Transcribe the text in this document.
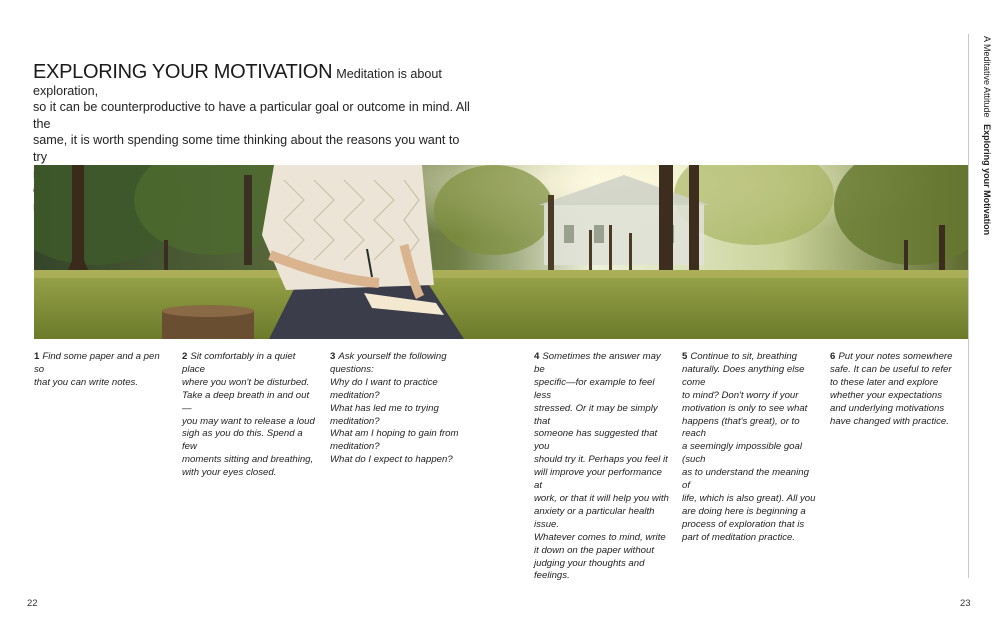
EXPLORING YOUR MOTIVATION Meditation is about exploration,
so it can be counterproductive to have a particular goal or outcome in mind. All the
same, it is worth spending some time thinking about the reasons you want to try

1 Find some paper and a pen so
that you can write notes.
2 Sit comfortably in a quiet place
where you won't be disturbed.
Take a deep breath in and out—
you may want to release a loud
sigh as you do this. Spend a few
moments sitting and breathing,
with your eyes closed.
3 Ask yourself the following
questions:
Why do I want to practice
meditation?
What has led me to trying
meditation?
What am I hoping to gain from
meditation?
What do I expect to happen?
4 Sometimes the answer may be
specific—for example to feel less
stressed. Or it may be simply that
someone has suggested that you
should try it. Perhaps you feel it
will improve your performance at
work, or that it will help you with
anxiety or a particular health issue.
Whatever comes to mind, write
it down on the paper without
judging your thoughts and feelings.
5 Continue to sit, breathing
naturally. Does anything else come
to mind? Don't worry if your
motivation is only to see what
happens (that's great), or to reach
a seemingly impossible goal (such
as to understand the meaning of
life, which is also great). All you
are doing here is beginning a
process of exploration that is
part of meditation practice.
6 Put your notes somewhere
safe. It can be useful to refer
to these later and explore
whether your expectations
and underlying motivations
have changed with practice.
A Meditative Attitude Exploring your Motivation
22	23
